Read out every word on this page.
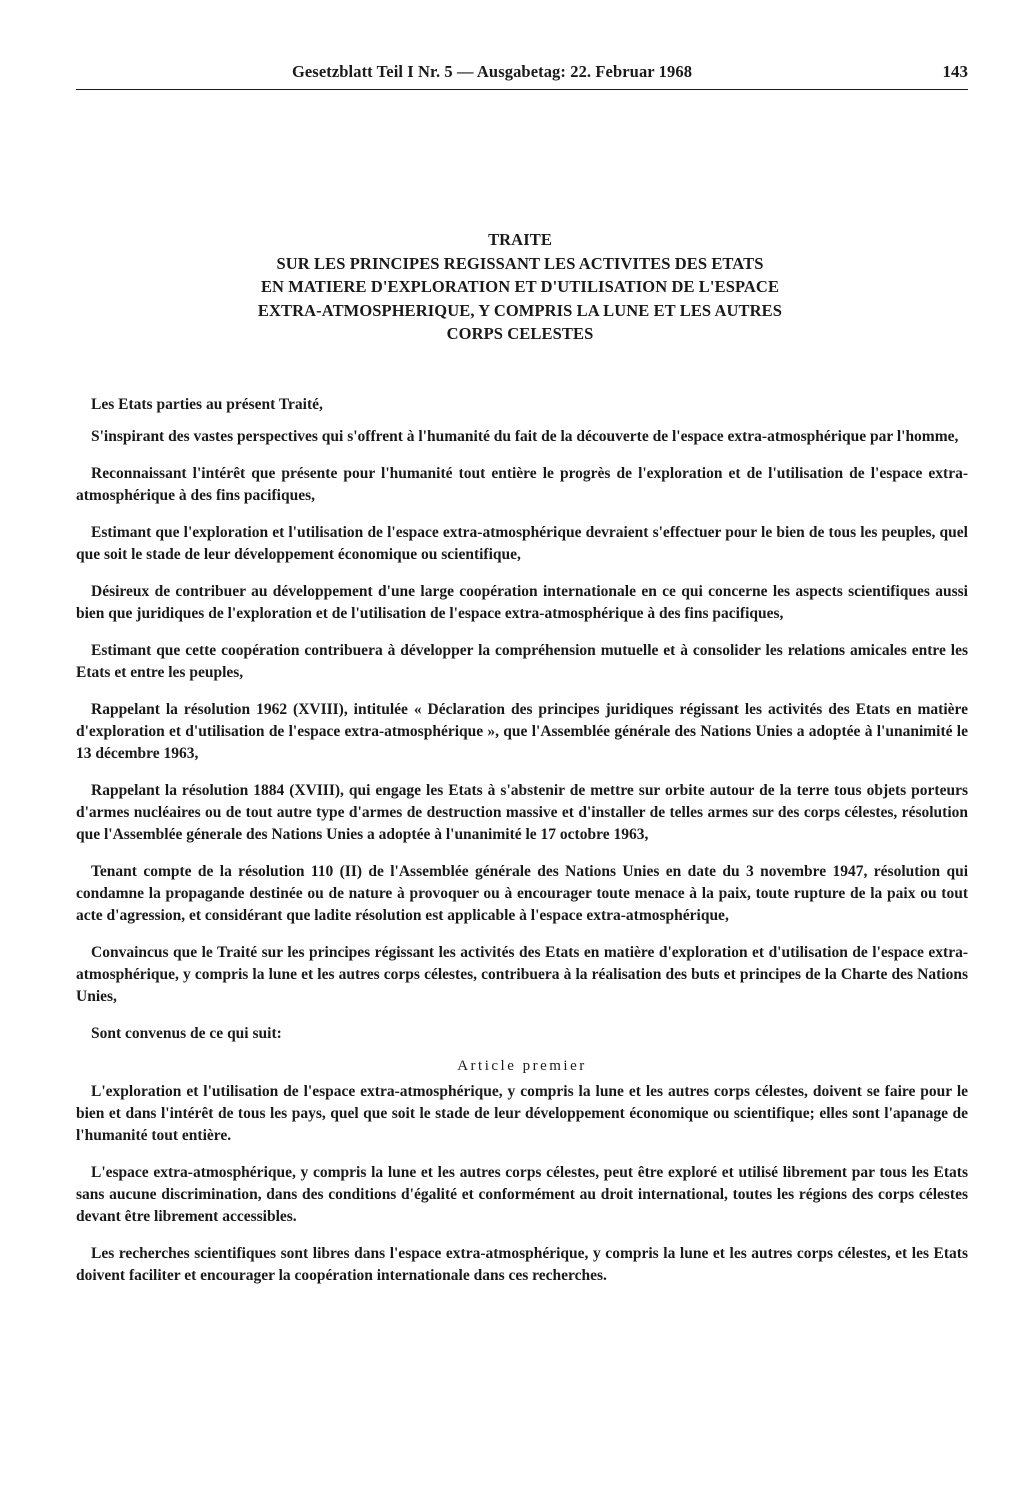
Gesetzblatt Teil I Nr. 5 — Ausgabetag: 22. Februar 1968	143
TRAITE
SUR LES PRINCIPES REGISSANT LES ACTIVITES DES ETATS
EN MATIERE D'EXPLORATION ET D'UTILISATION DE L'ESPACE
EXTRA-ATMOSPHERIQUE, Y COMPRIS LA LUNE ET LES AUTRES
CORPS CELESTES

Les Etats parties au présent Traité,

S'inspirant des vastes perspectives qui s'offrent à l'humanité du fait de la découverte de l'espace extra-atmosphérique par l'homme,

Reconnaissant l'intérêt que présente pour l'humanité tout entière le progrès de l'exploration et de l'utilisation de l'espace extra-atmosphérique à des fins pacifiques,

Estimant que l'exploration et l'utilisation de l'espace extra-atmosphérique devraient s'effectuer pour le bien de tous les peuples, quel que soit le stade de leur développement économique ou scientifique,

Désireux de contribuer au développement d'une large coopération internationale en ce qui concerne les aspects scientifiques aussi bien que juridiques de l'exploration et de l'utilisation de l'espace extra-atmosphérique à des fins pacifiques,

Estimant que cette coopération contribuera à développer la compréhension mutuelle et à consolider les relations amicales entre les Etats et entre les peuples,

Rappelant la résolution 1962 (XVIII), intitulée « Déclaration des principes juridiques régissant les activités des Etats en matière d'exploration et d'utilisation de l'espace extra-atmosphérique », que l'Assemblée générale des Nations Unies a adoptée à l'unanimité le 13 décembre 1963,

Rappelant la résolution 1884 (XVIII), qui engage les Etats à s'abstenir de mettre sur orbite autour de la terre tous objets porteurs d'armes nucléaires ou de tout autre type d'armes de destruction massive et d'installer de telles armes sur des corps célestes, résolution que l'Assemblée génerale des Nations Unies a adoptée à l'unanimité le 17 octobre 1963,

Tenant compte de la résolution 110 (II) de l'Assemblée générale des Nations Unies en date du 3 novembre 1947, résolution qui condamne la propagande destinée ou de nature à provoquer ou à encourager toute menace à la paix, toute rupture de la paix ou tout acte d'agression, et considérant que ladite résolution est applicable à l'espace extra-atmosphérique,

Convaincus que le Traité sur les principes régissant les activités des Etats en matière d'exploration et d'utilisation de l'espace extra-atmosphérique, y compris la lune et les autres corps célestes, contribuera à la réalisation des buts et principes de la Charte des Nations Unies,

Sont convenus de ce qui suit:

Article premier

L'exploration et l'utilisation de l'espace extra-atmosphérique, y compris la lune et les autres corps célestes, doivent se faire pour le bien et dans l'intérêt de tous les pays, quel que soit le stade de leur développement économique ou scientifique; elles sont l'apanage de l'humanité tout entière.

L'espace extra-atmosphérique, y compris la lune et les autres corps célestes, peut être exploré et utilisé librement par tous les Etats sans aucune discrimination, dans des conditions d'égalité et conformément au droit international, toutes les régions des corps célestes devant être librement accessibles.

Les recherches scientifiques sont libres dans l'espace extra-atmosphérique, y compris la lune et les autres corps célestes, et les Etats doivent faciliter et encourager la coopération internationale dans ces recherches.
